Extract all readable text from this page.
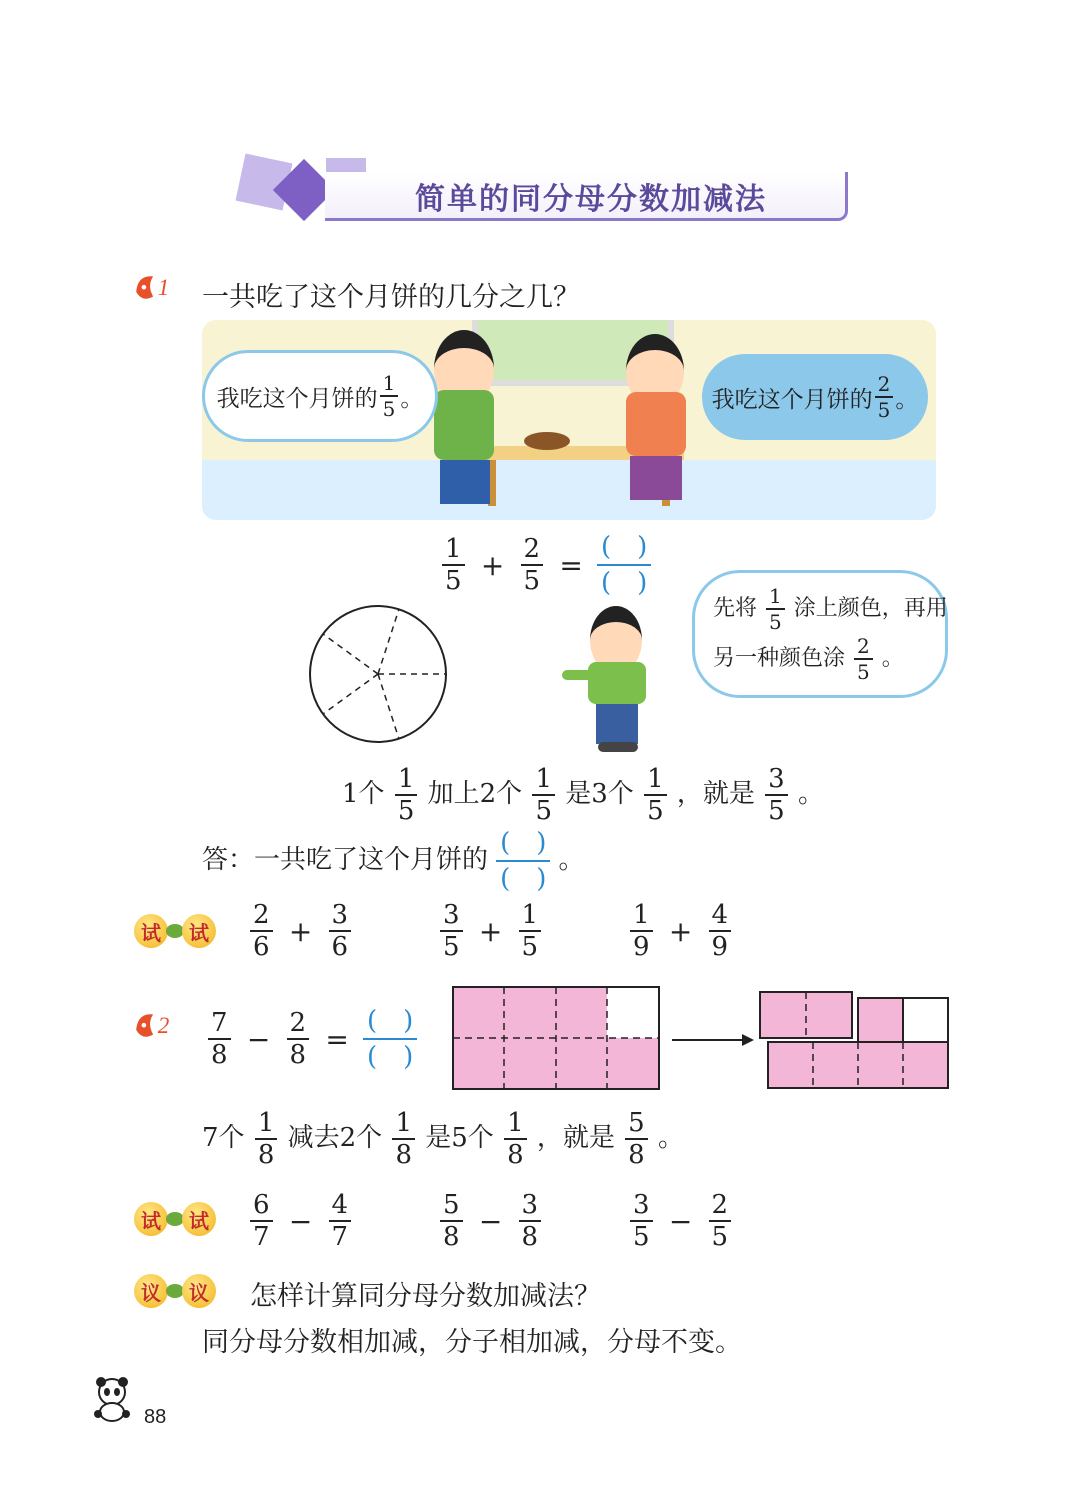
简单的同分母分数加减法
1 一共吃了这个月饼的几分之几？
我吃这个月饼的 $\frac{1}{5}$ 。	我吃这个月饼的 $\frac{2}{5}$ 。
$\frac{1}{5} + \frac{2}{5}$ =
(　)
(　)
先将 $\frac{1}{5}$ 涂上颜色，再用
另一种颜色涂 $\frac{2}{5}$ 。
1个 $\frac{1}{5}$ 加上2个 $\frac{1}{5}$ 是3个 $\frac{1}{5}$ ，就是 $\frac{3}{5}$ 。
答：一共吃了这个月饼的
(　)
(　)
。
试	试 $\frac{2}{6} + \frac{3}{6}$	$\frac{3}{5} + \frac{1}{5}$	$\frac{1}{9} + \frac{4}{9}$
$2 \frac{7}{8} - \frac{2}{8}$ =
(　)
(　)
7个 $\frac{1}{8}$ 减去2个 $\frac{1}{8}$ 是5个 $\frac{1}{8}$ ，就是 $\frac{5}{8}$ 。
试	试 $\frac{6}{7} - \frac{4}{7}$	$\frac{5}{8} - \frac{3}{8}$	$\frac{3}{5} - \frac{2}{5}$
议	议 怎样计算同分母分数加减法？
同分母分数相加减，分子相加减，分母不变。
88
